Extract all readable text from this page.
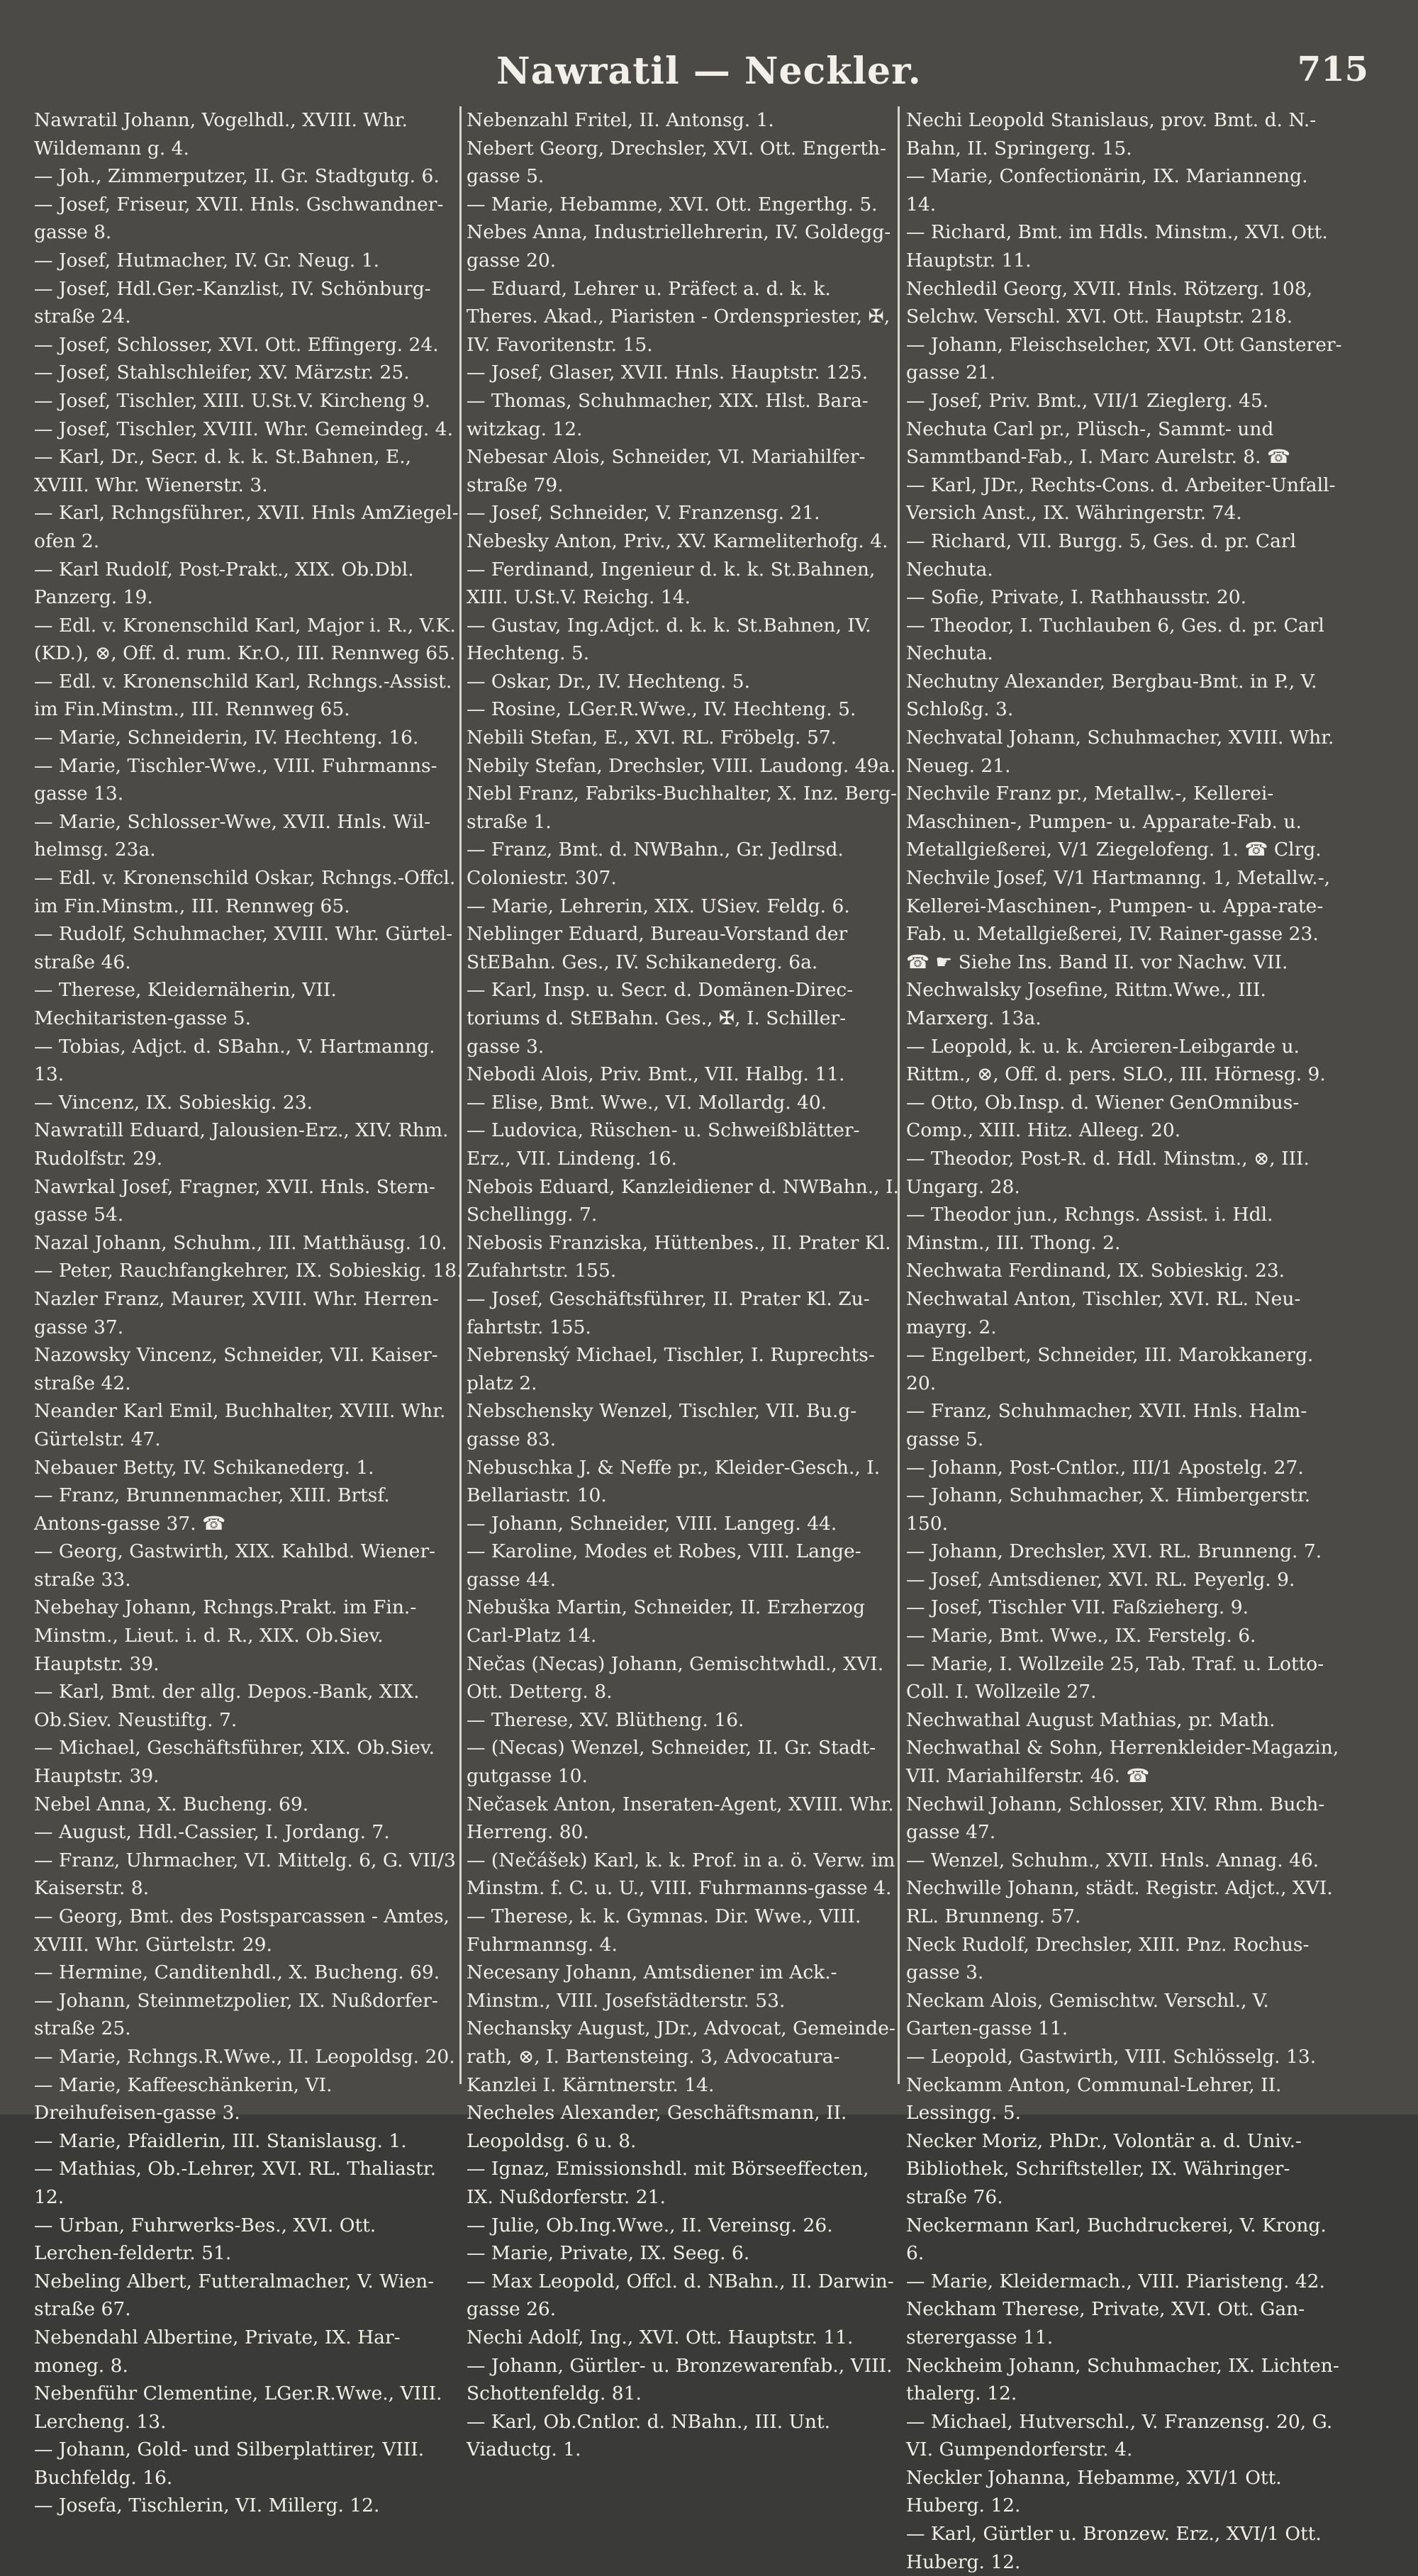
Nawratil — Neckler.	715

Nawratil Johann, Vogelhdl., XVIII. Whr. Wildemann g. 4.

— Joh., Zimmerputzer, II. Gr. Stadtgutg. 6.

— Josef, Friseur, XVII. Hnls. Gschwandner-gasse 8.

— Josef, Hutmacher, IV. Gr. Neug. 1.

— Josef, Hdl.Ger.-Kanzlist, IV. Schönburg-straße 24.

— Josef, Schlosser, XVI. Ott. Effingerg. 24.

— Josef, Stahlschleifer, XV. Märzstr. 25.

— Josef, Tischler, XIII. U.St.V. Kircheng 9.

— Josef, Tischler, XVIII. Whr. Gemeindeg. 4.

— Karl, Dr., Secr. d. k. k. St.Bahnen, E., XVIII. Whr. Wienerstr. 3.

— Karl, Rchngsführer., XVII. Hnls AmZiegel-ofen 2.

— Karl Rudolf, Post-Prakt., XIX. Ob.Dbl. Panzerg. 19.

— Edl. v. Kronenschild Karl, Major i. R., V.K. (KD.), ⊗, Off. d. rum. Kr.O., III. Rennweg 65.

— Edl. v. Kronenschild Karl, Rchngs.-Assist. im Fin.Minstm., III. Rennweg 65.

— Marie, Schneiderin, IV. Hechteng. 16.

— Marie, Tischler-Wwe., VIII. Fuhrmanns-gasse 13.

— Marie, Schlosser-Wwe, XVII. Hnls. Wil-helmsg. 23a.

— Edl. v. Kronenschild Oskar, Rchngs.-Offcl. im Fin.Minstm., III. Rennweg 65.

— Rudolf, Schuhmacher, XVIII. Whr. Gürtel-straße 46.

— Therese, Kleidernäherin, VII. Mechitaristen-gasse 5.

— Tobias, Adjct. d. SBahn., V. Hartmanng. 13.

— Vincenz, IX. Sobieskig. 23.

Nawratill Eduard, Jalousien-Erz., XIV. Rhm. Rudolfstr. 29.

Nawrkal Josef, Fragner, XVII. Hnls. Stern-gasse 54.

Nazal Johann, Schuhm., III. Matthäusg. 10.

— Peter, Rauchfangkehrer, IX. Sobieskig. 18.

Nazler Franz, Maurer, XVIII. Whr. Herren-gasse 37.

Nazowsky Vincenz, Schneider, VII. Kaiser-straße 42.

Neander Karl Emil, Buchhalter, XVIII. Whr. Gürtelstr. 47.

Nebauer Betty, IV. Schikanederg. 1.

— Franz, Brunnenmacher, XIII. Brtsf. Antons-gasse 37. ☎

— Georg, Gastwirth, XIX. Kahlbd. Wiener-straße 33.

Nebehay Johann, Rchngs.Prakt. im Fin.-Minstm., Lieut. i. d. R., XIX. Ob.Siev. Hauptstr. 39.

— Karl, Bmt. der allg. Depos.-Bank, XIX. Ob.Siev. Neustiftg. 7.

— Michael, Geschäftsführer, XIX. Ob.Siev. Hauptstr. 39.

Nebel Anna, X. Bucheng. 69.

— August, Hdl.-Cassier, I. Jordang. 7.

— Franz, Uhrmacher, VI. Mittelg. 6, G. VII/3 Kaiserstr. 8.

— Georg, Bmt. des Postsparcassen - Amtes, XVIII. Whr. Gürtelstr. 29.

— Hermine, Canditenhdl., X. Bucheng. 69.

— Johann, Steinmetzpolier, IX. Nußdorfer-straße 25.

— Marie, Rchngs.R.Wwe., II. Leopoldsg. 20.

— Marie, Kaffeeschänkerin, VI. Dreihufeisen-gasse 3.

— Marie, Pfaidlerin, III. Stanislausg. 1.

— Mathias, Ob.-Lehrer, XVI. RL. Thaliastr. 12.

— Urban, Fuhrwerks-Bes., XVI. Ott. Lerchen-feldertr. 51.

Nebeling Albert, Futteralmacher, V. Wien-straße 67.

Nebendahl Albertine, Private, IX. Har-moneg. 8.

Nebenführ Clementine, LGer.R.Wwe., VIII. Lercheng. 13.

— Johann, Gold- und Silberplattirer, VIII. Buchfeldg. 16.

— Josefa, Tischlerin, VI. Millerg. 12.

Nebenzahl Fritel, II. Antonsg. 1.

Nebert Georg, Drechsler, XVI. Ott. Engerth-gasse 5.

— Marie, Hebamme, XVI. Ott. Engerthg. 5.

Nebes Anna, Industriellehrerin, IV. Goldegg-gasse 20.

— Eduard, Lehrer u. Präfect a. d. k. k. Theres. Akad., Piaristen - Ordenspriester, ✠, IV. Favoritenstr. 15.

— Josef, Glaser, XVII. Hnls. Hauptstr. 125.

— Thomas, Schuhmacher, XIX. Hlst. Bara-witzkag. 12.

Nebesar Alois, Schneider, VI. Mariahilfer-straße 79.

— Josef, Schneider, V. Franzensg. 21.

Nebesky Anton, Priv., XV. Karmeliterhofg. 4.

— Ferdinand, Ingenieur d. k. k. St.Bahnen, XIII. U.St.V. Reichg. 14.

— Gustav, Ing.Adjct. d. k. k. St.Bahnen, IV. Hechteng. 5.

— Oskar, Dr., IV. Hechteng. 5.

— Rosine, LGer.R.Wwe., IV. Hechteng. 5.

Nebili Stefan, E., XVI. RL. Fröbelg. 57.

Nebily Stefan, Drechsler, VIII. Laudong. 49a.

Nebl Franz, Fabriks-Buchhalter, X. Inz. Berg-straße 1.

— Franz, Bmt. d. NWBahn., Gr. Jedlrsd. Coloniestr. 307.

— Marie, Lehrerin, XIX. USiev. Feldg. 6.

Neblinger Eduard, Bureau-Vorstand der StEBahn. Ges., IV. Schikanederg. 6a.

— Karl, Insp. u. Secr. d. Domänen-Direc-toriums d. StEBahn. Ges., ✠, I. Schiller-gasse 3.

Nebodi Alois, Priv. Bmt., VII. Halbg. 11.

— Elise, Bmt. Wwe., VI. Mollardg. 40.

— Ludovica, Rüschen- u. Schweißblätter-Erz., VII. Lindeng. 16.

Nebois Eduard, Kanzleidiener d. NWBahn., I. Schellingg. 7.

Nebosis Franziska, Hüttenbes., II. Prater Kl. Zufahrtstr. 155.

— Josef, Geschäftsführer, II. Prater Kl. Zu-fahrtstr. 155.

Nebrenský Michael, Tischler, I. Ruprechts-platz 2.

Nebschensky Wenzel, Tischler, VII. Bu.g-gasse 83.

Nebuschka J. & Neffe pr., Kleider-Gesch., I. Bellariastr. 10.

— Johann, Schneider, VIII. Langeg. 44.

— Karoline, Modes et Robes, VIII. Lange-gasse 44.

Nebuška Martin, Schneider, II. Erzherzog Carl-Platz 14.

Nečas (Necas) Johann, Gemischtwhdl., XVI. Ott. Detterg. 8.

— Therese, XV. Blütheng. 16.

— (Necas) Wenzel, Schneider, II. Gr. Stadt-gutgasse 10.

Nečasek Anton, Inseraten-Agent, XVIII. Whr. Herreng. 80.

— (Nečášek) Karl, k. k. Prof. in a. ö. Verw. im Minstm. f. C. u. U., VIII. Fuhrmanns-gasse 4.

— Therese, k. k. Gymnas. Dir. Wwe., VIII. Fuhrmannsg. 4.

Necesany Johann, Amtsdiener im Ack.-Minstm., VIII. Josefstädterstr. 53.

Nechansky August, JDr., Advocat, Gemeinde-rath, ⊗, I. Bartensteing. 3, Advocatura-Kanzlei I. Kärntnerstr. 14.

Necheles Alexander, Geschäftsmann, II. Leopoldsg. 6 u. 8.

— Ignaz, Emissionshdl. mit Börseeffecten, IX. Nußdorferstr. 21.

— Julie, Ob.Ing.Wwe., II. Vereinsg. 26.

— Marie, Private, IX. Seeg. 6.

— Max Leopold, Offcl. d. NBahn., II. Darwin-gasse 26.

Nechi Adolf, Ing., XVI. Ott. Hauptstr. 11.

— Johann, Gürtler- u. Bronzewarenfab., VIII. Schottenfeldg. 81.

— Karl, Ob.Cntlor. d. NBahn., III. Unt. Viaductg. 1.

Nechi Leopold Stanislaus, prov. Bmt. d. N.-Bahn, II. Springerg. 15.

— Marie, Confectionärin, IX. Marianneng. 14.

— Richard, Bmt. im Hdls. Minstm., XVI. Ott. Hauptstr. 11.

Nechledil Georg, XVII. Hnls. Rötzerg. 108, Selchw. Verschl. XVI. Ott. Hauptstr. 218.

— Johann, Fleischselcher, XVI. Ott Gansterer-gasse 21.

— Josef, Priv. Bmt., VII/1 Zieglerg. 45.

Nechuta Carl pr., Plüsch-, Sammt- und Sammtband-Fab., I. Marc Aurelstr. 8. ☎

— Karl, JDr., Rechts-Cons. d. Arbeiter-Unfall-Versich Anst., IX. Währingerstr. 74.

— Richard, VII. Burgg. 5, Ges. d. pr. Carl Nechuta.

— Sofie, Private, I. Rathhausstr. 20.

— Theodor, I. Tuchlauben 6, Ges. d. pr. Carl Nechuta.

Nechutny Alexander, Bergbau-Bmt. in P., V. Schloßg. 3.

Nechvatal Johann, Schuhmacher, XVIII. Whr. Neueg. 21.

Nechvile Franz pr., Metallw.-, Kellerei-Maschinen-, Pumpen- u. Apparate-Fab. u. Metallgießerei, V/1 Ziegelofeng. 1. ☎ Clrg.

Nechvile Josef, V/1 Hartmanng. 1, Metallw.-, Kellerei-Maschinen-, Pumpen- u. Appa-rate-Fab. u. Metallgießerei, IV. Rainer-gasse 23. ☎ ☛ Siehe Ins. Band II. vor Nachw. VII.

Nechwalsky Josefine, Rittm.Wwe., III. Marxerg. 13a.

— Leopold, k. u. k. Arcieren-Leibgarde u. Rittm., ⊗, Off. d. pers. SLO., III. Hörnesg. 9.

— Otto, Ob.Insp. d. Wiener GenOmnibus-Comp., XIII. Hitz. Alleeg. 20.

— Theodor, Post-R. d. Hdl. Minstm., ⊗, III. Ungarg. 28.

— Theodor jun., Rchngs. Assist. i. Hdl. Minstm., III. Thong. 2.

Nechwata Ferdinand, IX. Sobieskig. 23.

Nechwatal Anton, Tischler, XVI. RL. Neu-mayrg. 2.

— Engelbert, Schneider, III. Marokkanerg. 20.

— Franz, Schuhmacher, XVII. Hnls. Halm-gasse 5.

— Johann, Post-Cntlor., III/1 Apostelg. 27.

— Johann, Schuhmacher, X. Himbergerstr. 150.

— Johann, Drechsler, XVI. RL. Brunneng. 7.

— Josef, Amtsdiener, XVI. RL. Peyerlg. 9.

— Josef, Tischler VII. Faßzieherg. 9.

— Marie, Bmt. Wwe., IX. Ferstelg. 6.

— Marie, I. Wollzeile 25, Tab. Traf. u. Lotto-Coll. I. Wollzeile 27.

Nechwathal August Mathias, pr. Math. Nechwathal & Sohn, Herrenkleider-Magazin, VII. Mariahilferstr. 46. ☎

Nechwil Johann, Schlosser, XIV. Rhm. Buch-gasse 47.

— Wenzel, Schuhm., XVII. Hnls. Annag. 46.

Nechwille Johann, städt. Registr. Adjct., XVI. RL. Brunneng. 57.

Neck Rudolf, Drechsler, XIII. Pnz. Rochus-gasse 3.

Neckam Alois, Gemischtw. Verschl., V. Garten-gasse 11.

— Leopold, Gastwirth, VIII. Schlösselg. 13.

Neckamm Anton, Communal-Lehrer, II. Lessingg. 5.

Necker Moriz, PhDr., Volontär a. d. Univ.-Bibliothek, Schriftsteller, IX. Währinger-straße 76.

Neckermann Karl, Buchdruckerei, V. Krong. 6.

— Marie, Kleidermach., VIII. Piaristeng. 42.

Neckham Therese, Private, XVI. Ott. Gan-sterergasse 11.

Neckheim Johann, Schuhmacher, IX. Lichten-thalerg. 12.

— Michael, Hutverschl., V. Franzensg. 20, G. VI. Gumpendorferstr. 4.

Neckler Johanna, Hebamme, XVI/1 Ott. Huberg. 12.

— Karl, Gürtler u. Bronzew. Erz., XVI/1 Ott. Huberg. 12.
